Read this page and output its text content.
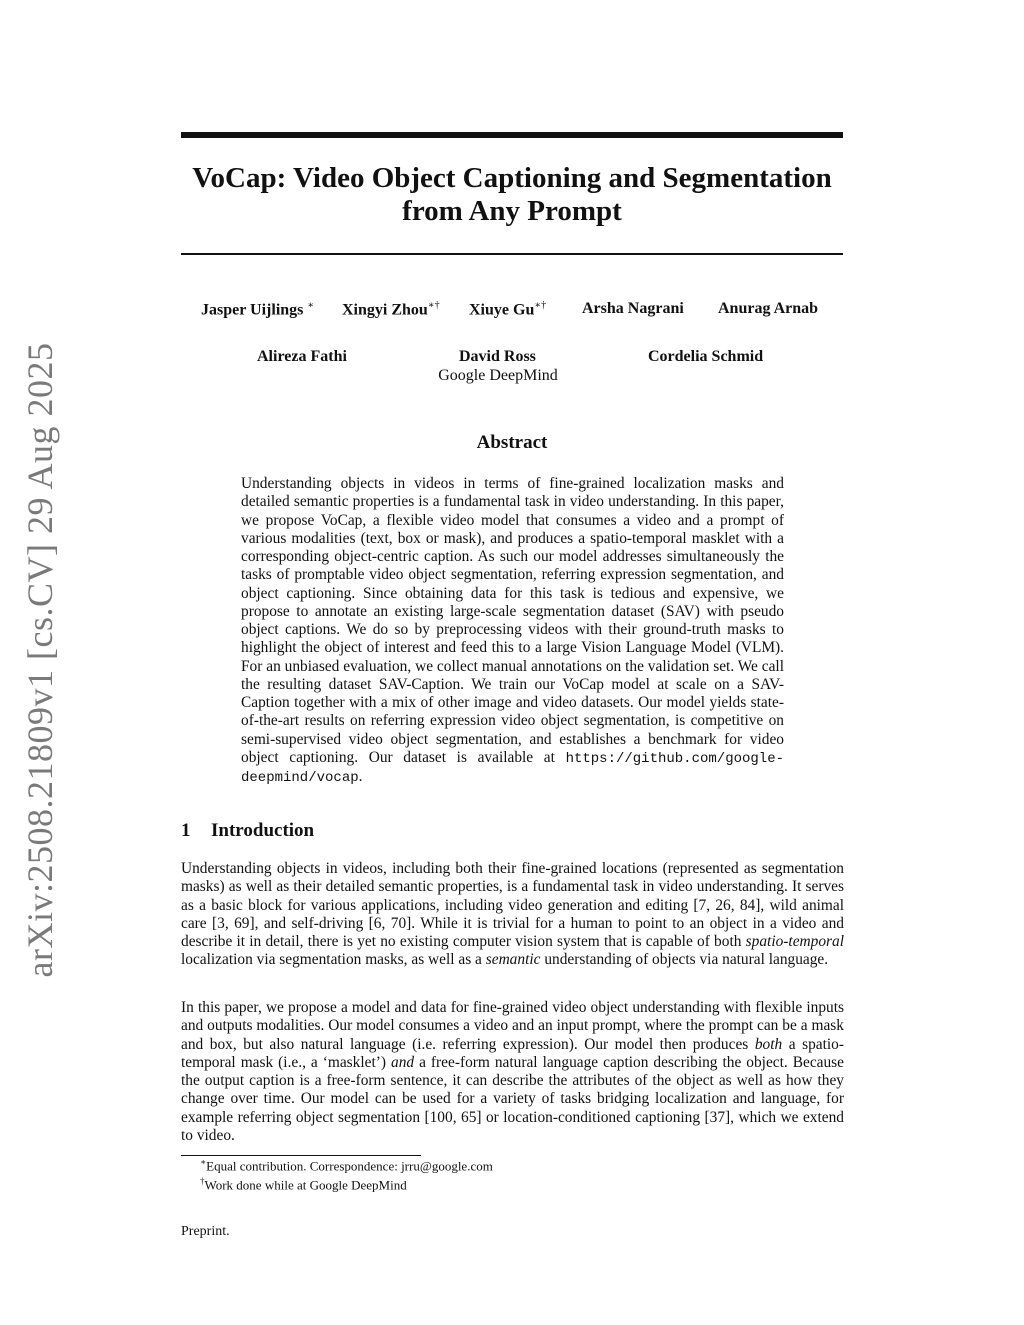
arXiv:2508.21809v1 [cs.CV] 29 Aug 2025
VoCap: Video Object Captioning and Segmentation
from Any Prompt
Jasper Uijlings ∗ Xingyi Zhou∗† Xiuye Gu∗† Arsha Nagrani Anurag Arnab
Alireza Fathi	David Ross	Cordelia Schmid
Google DeepMind
Abstract
Understanding objects in videos in terms of fine-grained localization masks and detailed semantic properties is a fundamental task in video understanding. In this paper, we propose VoCap, a flexible video model that consumes a video and a prompt of various modalities (text, box or mask), and produces a spatio-temporal masklet with a corresponding object-centric caption. As such our model addresses simultaneously the tasks of promptable video object segmentation, referring expression segmentation, and object captioning. Since obtaining data for this task is tedious and expensive, we propose to annotate an existing large-scale segmentation dataset (SAV) with pseudo object captions. We do so by preprocessing videos with their ground-truth masks to highlight the object of interest and feed this to a large Vision Language Model (VLM). For an unbiased evaluation, we collect manual annotations on the validation set. We call the resulting dataset SAV-Caption. We train our VoCap model at scale on a SAV-Caption together with a mix of other image and video datasets. Our model yields state-of-the-art results on referring expression video object segmentation, is competitive on semi-supervised video object segmentation, and establishes a benchmark for video object captioning. Our dataset is available at https://github.com/google-deepmind/vocap.
1 Introduction

Understanding objects in videos, including both their fine-grained locations (represented as segmentation masks) as well as their detailed semantic properties, is a fundamental task in video understanding. It serves as a basic block for various applications, including video generation and editing [7, 26, 84], wild animal care [3, 69], and self-driving [6, 70]. While it is trivial for a human to point to an object in a video and describe it in detail, there is yet no existing computer vision system that is capable of both spatio-temporal localization via segmentation masks, as well as a semantic understanding of objects via natural language.

In this paper, we propose a model and data for fine-grained video object understanding with flexible inputs and outputs modalities. Our model consumes a video and an input prompt, where the prompt can be a mask and box, but also natural language (i.e. referring expression). Our model then produces both a spatio-temporal mask (i.e., a ‘masklet’) and a free-form natural language caption describing the object. Because the output caption is a free-form sentence, it can describe the attributes of the object as well as how they change over time. Our model can be used for a variety of tasks bridging localization and language, for example referring object segmentation [100, 65] or location-conditioned captioning [37], which we extend to video.

∗Equal contribution. Correspondence: jrru@google.com
†Work done while at Google DeepMind
Preprint.
